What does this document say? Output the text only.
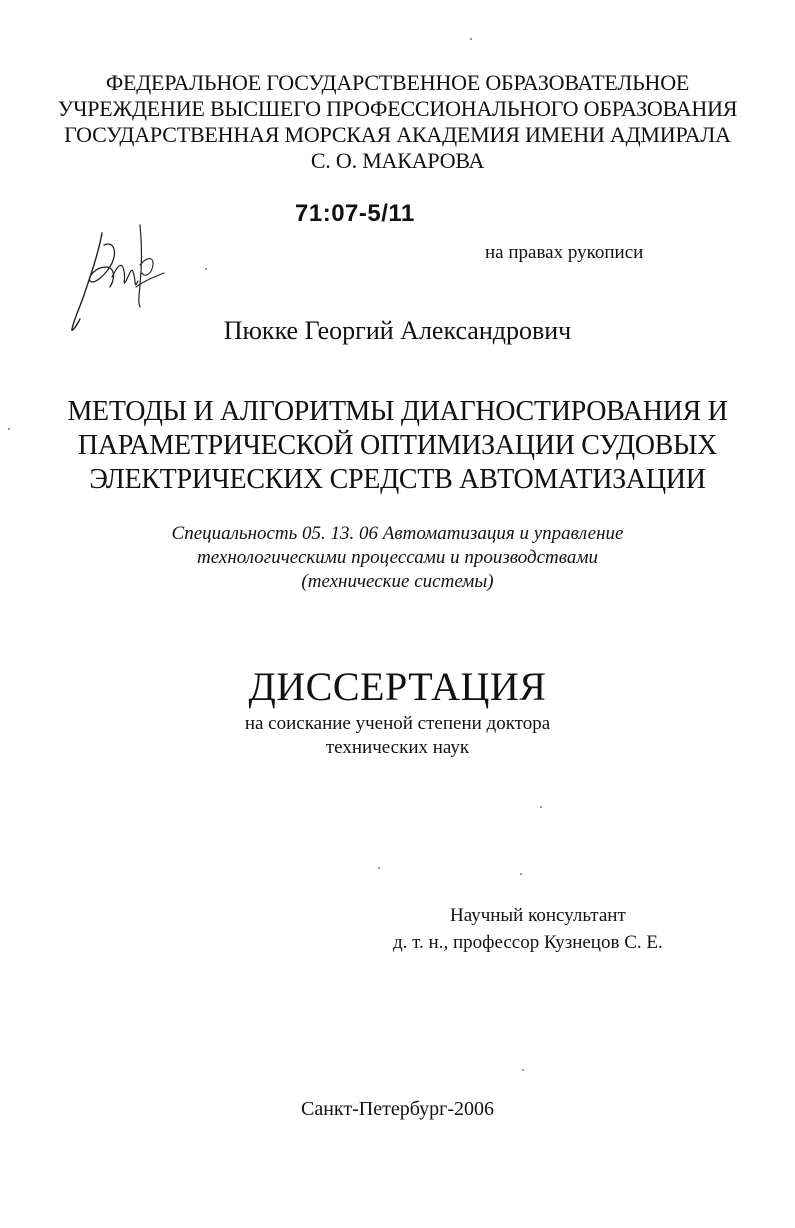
ФЕДЕРАЛЬНОЕ ГОСУДАРСТВЕННОЕ ОБРАЗОВАТЕЛЬНОЕ
УЧРЕЖДЕНИЕ ВЫСШЕГО ПРОФЕССИОНАЛЬНОГО ОБРАЗОВАНИЯ
ГОСУДАРСТВЕННАЯ МОРСКАЯ АКАДЕМИЯ ИМЕНИ АДМИРАЛА
С. О. МАКАРОВА
71:07-5/11
на правах рукописи
Пюкке Георгий Александрович
МЕТОДЫ И АЛГОРИТМЫ ДИАГНОСТИРОВАНИЯ И
ПАРАМЕТРИЧЕСКОЙ ОПТИМИЗАЦИИ СУДОВЫХ
ЭЛЕКТРИЧЕСКИХ СРЕДСТВ АВТОМАТИЗАЦИИ
Специальность 05. 13. 06 Автоматизация и управление
технологическими процессами и производствами
(технические системы)
ДИССЕРТАЦИЯ
на соискание ученой степени доктора
технических наук
Научный консультант
д. т. н., профессор Кузнецов С. Е.
Санкт-Петербург-2006
